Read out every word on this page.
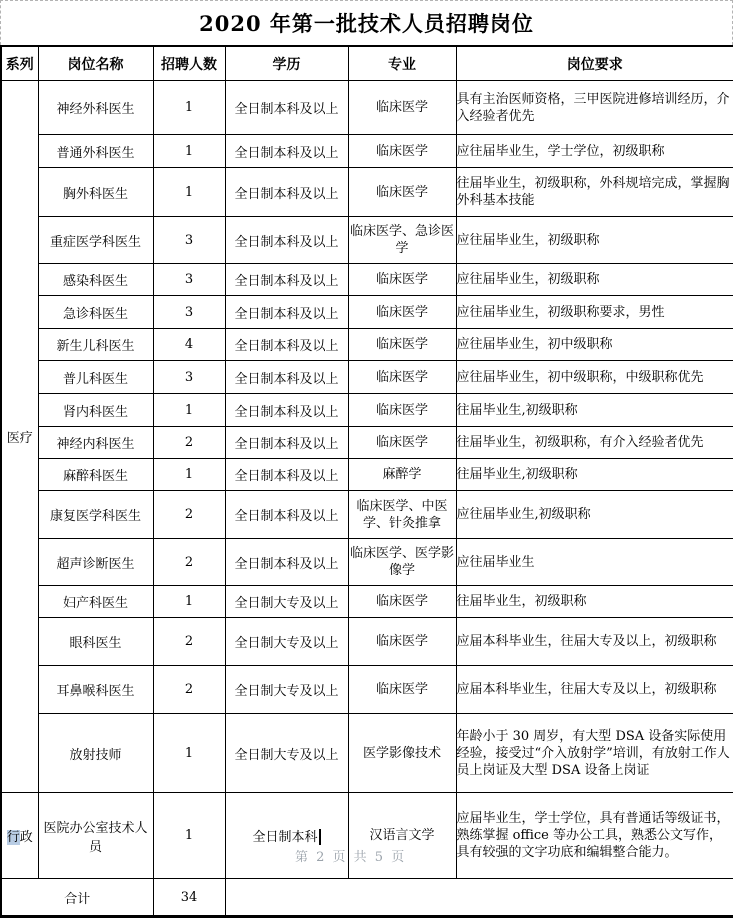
2020 年第一批技术人员招聘岗位
系列	岗位名称	招聘人数	学历	专业	岗位要求
医疗	神经外科医生	1	全日制本科及以上	临床医学	具有主治医师资格，三甲医院进修培训经历，介入经验者优先
	普通外科医生	1	全日制本科及以上	临床医学	应往届毕业生，学士学位，初级职称
	胸外科医生	1	全日制本科及以上	临床医学	往届毕业生，初级职称，外科规培完成，掌握胸外科基本技能
	重症医学科医生	3	全日制本科及以上	临床医学、急诊医学	应往届毕业生，初级职称
	感染科医生	3	全日制本科及以上	临床医学	应往届毕业生，初级职称
	急诊科医生	3	全日制本科及以上	临床医学	应往届毕业生，初级职称要求，男性
	新生儿科医生	4	全日制本科及以上	临床医学	应往届毕业生，初中级职称
	普儿科医生	3	全日制本科及以上	临床医学	应往届毕业生，初中级职称，中级职称优先
	肾内科医生	1	全日制本科及以上	临床医学	往届毕业生,初级职称
	神经内科医生	2	全日制本科及以上	临床医学	往届毕业生，初级职称，有介入经验者优先
	麻醉科医生	1	全日制本科及以上	麻醉学	往届毕业生,初级职称
	康复医学科医生	2	全日制本科及以上	临床医学、中医学、针灸推拿	应往届毕业生,初级职称
	超声诊断医生	2	全日制本科及以上	临床医学、医学影像学	应往届毕业生
	妇产科医生	1	全日制大专及以上	临床医学	往届毕业生，初级职称
	眼科医生	2	全日制大专及以上	临床医学	应届本科毕业生，往届大专及以上，初级职称
	耳鼻喉科医生	2	全日制大专及以上	临床医学	应届本科毕业生，往届大专及以上，初级职称
	放射技师	1	全日制大专及以上	医学影像技术	年龄小于 30 周岁，有大型 DSA 设备实际使用经验，接受过“介入放射学”培训，有放射工作人员上岗证及大型 DSA 设备上岗证
行政	医院办公室技术人员	1	全日制本科	汉语言文学	应届毕业生，学士学位，具有普通话等级证书，熟练掌握 office 等办公工具，熟悉公文写作，具有较强的文字功底和编辑整合能力。
合计		34			
第 2 页 共 5 页
